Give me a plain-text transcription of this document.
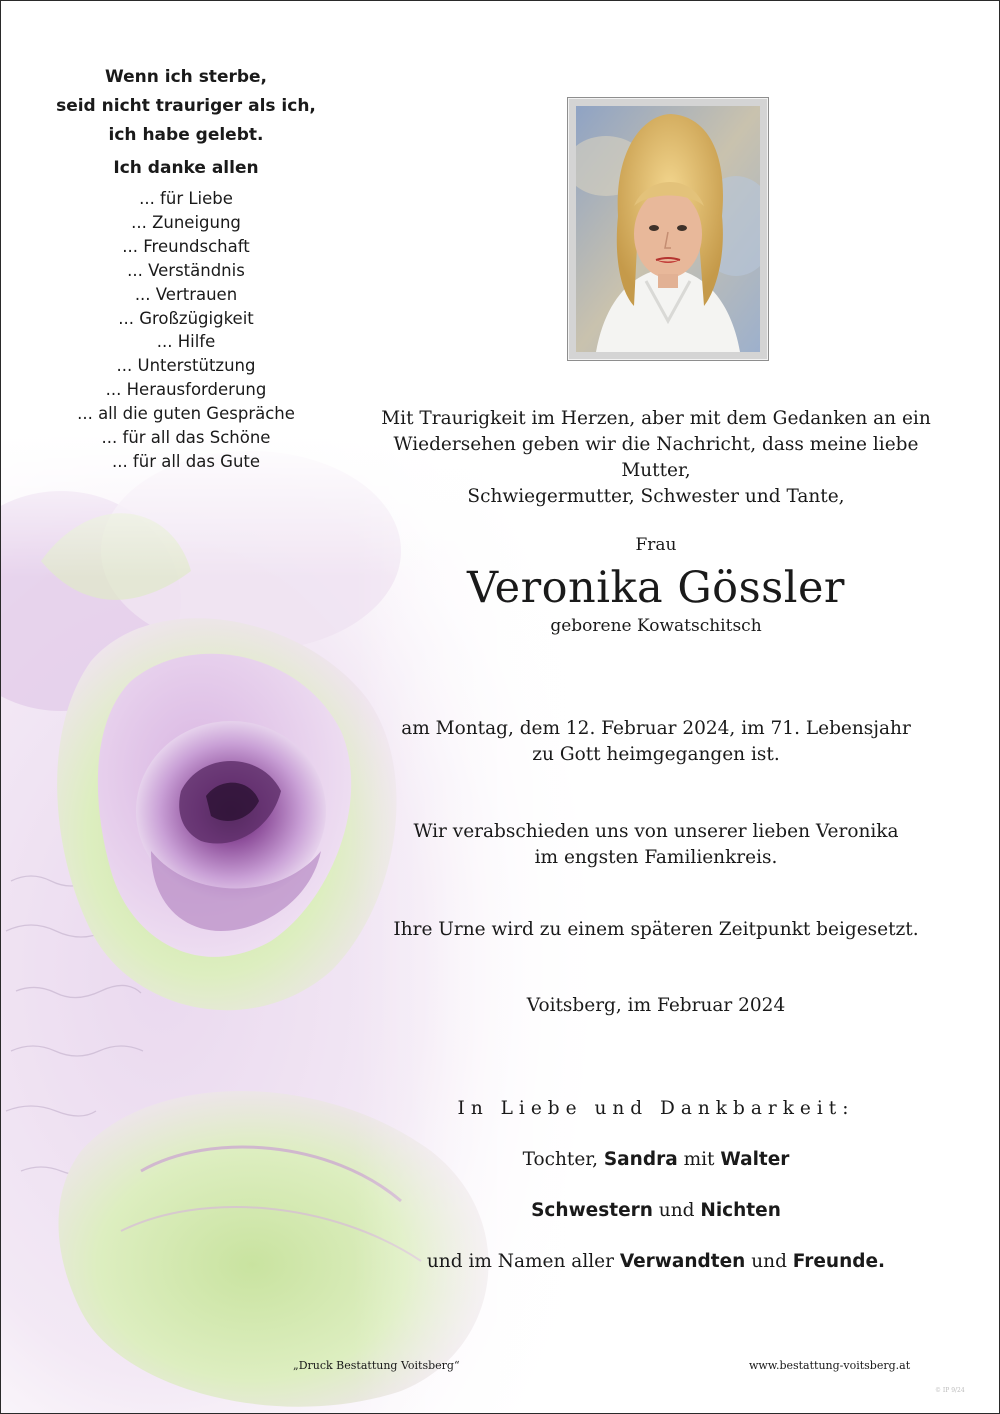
Wenn ich sterbe,
seid nicht trauriger als ich,
ich habe gelebt.
Ich danke allen
... für Liebe
... Zuneigung
... Freundschaft
... Verständnis
... Vertrauen
... Großzügigkeit
... Hilfe
... Unterstützung
... Herausforderung
... all die guten Gespräche
... für all das Schöne
... für all das Gute
Mit Traurigkeit im Herzen, aber mit dem Gedanken an ein
Wiedersehen geben wir die Nachricht, dass meine liebe Mutter,
Schwiegermutter, Schwester und Tante,
Frau
Veronika Gössler
geborene Kowatschitsch
am Montag, dem 12. Februar 2024, im 71. Lebensjahr
zu Gott heimgegangen ist.
Wir verabschieden uns von unserer lieben Veronika
im engsten Familienkreis.
Ihre Urne wird zu einem späteren Zeitpunkt beigesetzt.
Voitsberg, im Februar 2024
In Liebe und Dankbarkeit:
Tochter, Sandra mit Walter
Schwestern und Nichten
und im Namen aller Verwandten und Freunde.
„Druck Bestattung Voitsberg“	www.bestattung-voitsberg.at
© IP 9/24
